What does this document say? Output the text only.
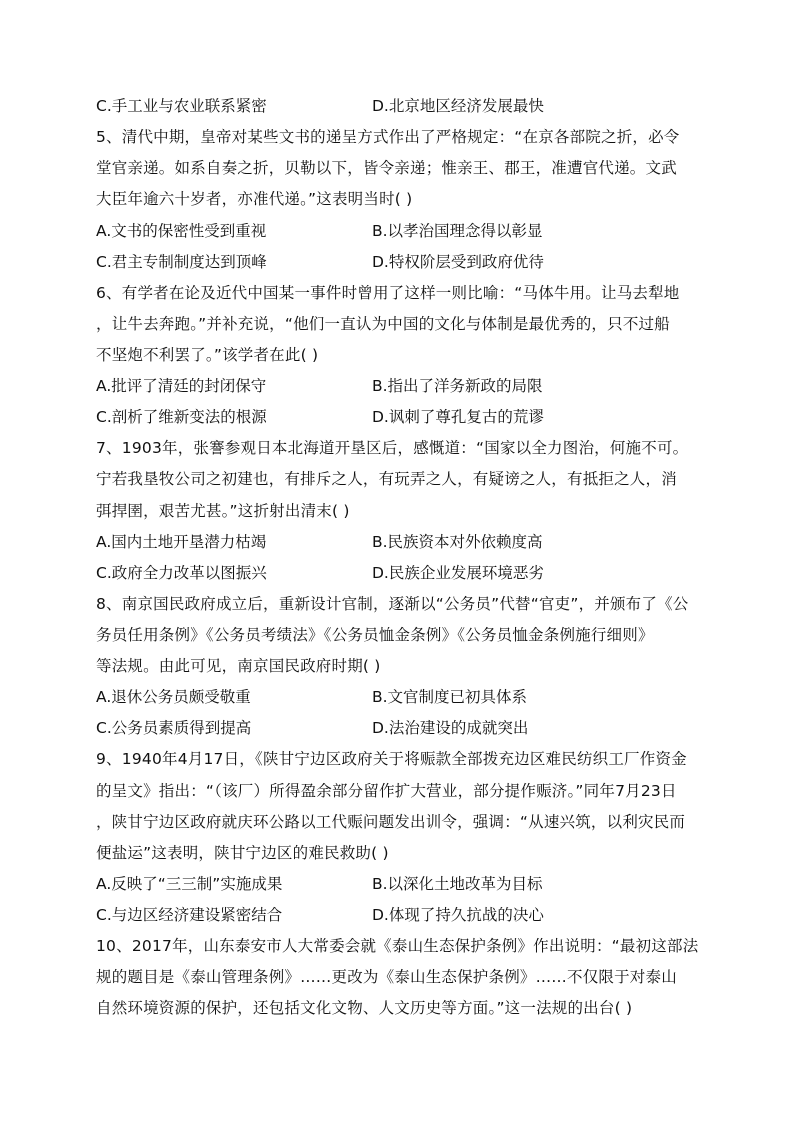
C.手工业与农业联系紧密	D.北京地区经济发展最快
5、清代中期，皇帝对某些文书的递呈方式作出了严格规定：“在京各部院之折，必令
堂官亲递。如系自奏之折，贝勒以下，皆令亲递；惟亲王、郡王，准遭官代递。文武
大臣年逾六十岁者，亦准代递。”这表明当时( )
A.文书的保密性受到重视	B.以孝治国理念得以彰显
C.君主专制制度达到顶峰	D.特权阶层受到政府优待
6、有学者在论及近代中国某一事件时曾用了这样一则比喻：“马体牛用。让马去犁地
，让牛去奔跑。”并补充说，“他们一直认为中国的文化与体制是最优秀的，只不过船
不坚炮不利罢了。”该学者在此( )
A.批评了清廷的封闭保守	B.指出了洋务新政的局限
C.剖析了维新变法的根源	D.讽刺了尊孔复古的荒谬
7、1903年，张謇参观日本北海道开垦区后，感慨道：“国家以全力图治，何施不可。
宁若我垦牧公司之初建也，有排斥之人，有玩弄之人，有疑谤之人，有抵拒之人，消
弭捍圉，艰苦尤甚。”这折射出清末( )
A.国内土地开垦潜力枯竭	B.民族资本对外依赖度高
C.政府全力改革以图振兴	D.民族企业发展环境恶劣
8、南京国民政府成立后，重新设计官制，逐渐以“公务员”代替“官吏”，并颁布了《公
务员任用条例》《公务员考绩法》《公务员恤金条例》《公务员恤金条例施行细则》
等法规。由此可见，南京国民政府时期( )
A.退休公务员颇受敬重	B.文官制度已初具体系
C.公务员素质得到提高	D.法治建设的成就突出
9、1940年4月17日，《陕甘宁边区政府关于将赈款全部拨充边区难民纺织工厂作资金
的呈文》指出：“（该厂）所得盈余部分留作扩大营业，部分提作赈济。”同年7月23日
，陕甘宁边区政府就庆环公路以工代赈问题发出训令，强调：“从速兴筑，以利灾民而
便盐运”这表明，陕甘宁边区的难民救助( )
A.反映了“三三制”实施成果	B.以深化土地改革为目标
C.与边区经济建设紧密结合	D.体现了持久抗战的决心
10、2017年，山东泰安市人大常委会就《泰山生态保护条例》作出说明：“最初这部法
规的题目是《泰山管理条例》……更改为《泰山生态保护条例》……不仅限于对泰山
自然环境资源的保护，还包括文化文物、人文历史等方面。”这一法规的出台( )
